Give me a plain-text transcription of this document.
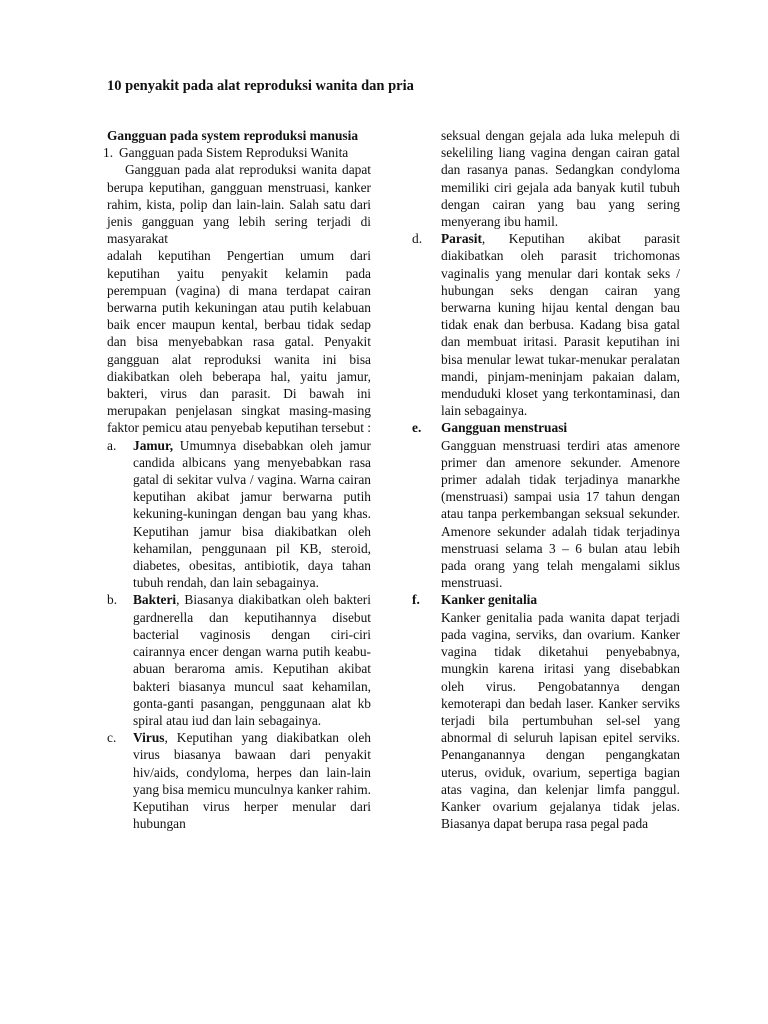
10 penyakit pada alat reproduksi wanita dan pria

Gangguan pada system reproduksi manusia

1. Gangguan pada Sistem Reproduksi Wanita

Gangguan pada alat reproduksi wanita dapat berupa keputihan, gangguan menstruasi, kanker rahim, kista, polip dan lain-lain. Salah satu dari jenis gangguan yang lebih sering terjadi di masyarakat

adalah keputihan Pengertian umum dari keputihan yaitu penyakit kelamin pada perempuan (vagina) di mana terdapat cairan berwarna putih kekuningan atau putih kelabuan baik encer maupun kental, berbau tidak sedap dan bisa menyebabkan rasa gatal. Penyakit gangguan alat reproduksi wanita ini bisa diakibatkan oleh beberapa hal, yaitu jamur, bakteri, virus dan parasit. Di bawah ini merupakan penjelasan singkat masing-masing faktor pemicu atau penyebab keputihan tersebut :

a.	Jamur, Umumnya disebabkan oleh jamur candida albicans yang menyebabkan rasa gatal di sekitar vulva / vagina. Warna cairan keputihan akibat jamur berwarna putih kekuning-kuningan dengan bau yang khas. Keputihan jamur bisa diakibatkan oleh kehamilan, penggunaan pil KB, steroid, diabetes, obesitas, antibiotik, daya tahan tubuh rendah, dan lain sebagainya.
b.	Bakteri, Biasanya diakibatkan oleh bakteri gardnerella dan keputihannya disebut bacterial vaginosis dengan ciri-ciri cairannya encer dengan warna putih keabu-abuan beraroma amis. Keputihan akibat bakteri biasanya muncul saat kehamilan, gonta-ganti pasangan, penggunaan alat kb spiral atau iud dan lain sebagainya.
c.	Virus, Keputihan yang diakibatkan oleh virus biasanya bawaan dari penyakit hiv/aids, condyloma, herpes dan lain-lain yang bisa memicu munculnya kanker rahim. Keputihan virus herper menular dari hubungan

seksual dengan gejala ada luka melepuh di sekeliling liang vagina dengan cairan gatal dan rasanya panas. Sedangkan condyloma memiliki ciri gejala ada banyak kutil tubuh dengan cairan yang bau yang sering menyerang ibu hamil.

d.	Parasit, Keputihan akibat parasit diakibatkan oleh parasit trichomonas vaginalis yang menular dari kontak seks / hubungan seks dengan cairan yang berwarna kuning hijau kental dengan bau tidak enak dan berbusa. Kadang bisa gatal dan membuat iritasi. Parasit keputihan ini bisa menular lewat tukar-menukar peralatan mandi, pinjam-meninjam pakaian dalam, menduduki kloset yang terkontaminasi, dan lain sebagainya.
e.	Gangguan menstruasi

Gangguan menstruasi terdiri atas amenore primer dan amenore sekunder. Amenore primer adalah tidak terjadinya manarkhe (menstruasi) sampai usia 17 tahun dengan atau tanpa perkembangan seksual sekunder. Amenore sekunder adalah tidak terjadinya menstruasi selama 3 – 6 bulan atau lebih pada orang yang telah mengalami siklus menstruasi.

f.	Kanker genitalia

Kanker genitalia pada wanita dapat terjadi pada vagina, serviks, dan ovarium. Kanker vagina tidak diketahui penyebabnya, mungkin karena iritasi yang disebabkan oleh virus. Pengobatannya dengan kemoterapi dan bedah laser. Kanker serviks terjadi bila pertumbuhan sel-sel yang abnormal di seluruh lapisan epitel serviks. Penanganannya dengan pengangkatan uterus, oviduk, ovarium, sepertiga bagian atas vagina, dan kelenjar limfa panggul. Kanker ovarium gejalanya tidak jelas. Biasanya dapat berupa rasa pegal pada
